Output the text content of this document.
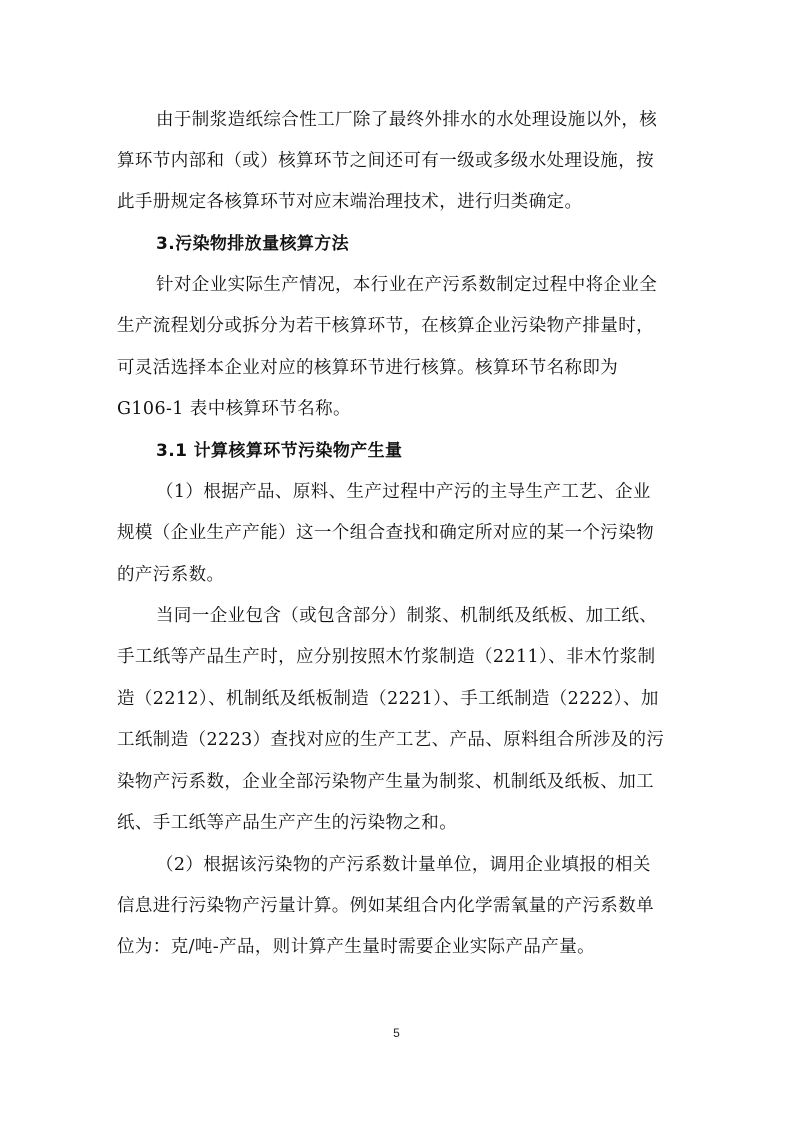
由于制浆造纸综合性工厂除了最终外排水的水处理设施以外，核
算环节内部和（或）核算环节之间还可有一级或多级水处理设施，按
此手册规定各核算环节对应末端治理技术，进行归类确定。
3.污染物排放量核算方法
针对企业实际生产情况，本行业在产污系数制定过程中将企业全
生产流程划分或拆分为若干核算环节，在核算企业污染物产排量时，
可灵活选择本企业对应的核算环节进行核算。核算环节名称即为
G106-1 表中核算环节名称。
3.1 计算核算环节污染物产生量
（1）根据产品、原料、生产过程中产污的主导生产工艺、企业
规模（企业生产产能）这一个组合查找和确定所对应的某一个污染物
的产污系数。
当同一企业包含（或包含部分）制浆、机制纸及纸板、加工纸、
手工纸等产品生产时，应分别按照木竹浆制造（2211）、非木竹浆制
造（2212）、机制纸及纸板制造（2221）、手工纸制造（2222）、加
工纸制造（2223）查找对应的生产工艺、产品、原料组合所涉及的污
染物产污系数，企业全部污染物产生量为制浆、机制纸及纸板、加工
纸、手工纸等产品生产产生的污染物之和。
（2）根据该污染物的产污系数计量单位，调用企业填报的相关
信息进行污染物产污量计算。例如某组合内化学需氧量的产污系数单
位为：克/吨-产品，则计算产生量时需要企业实际产品产量。
5
